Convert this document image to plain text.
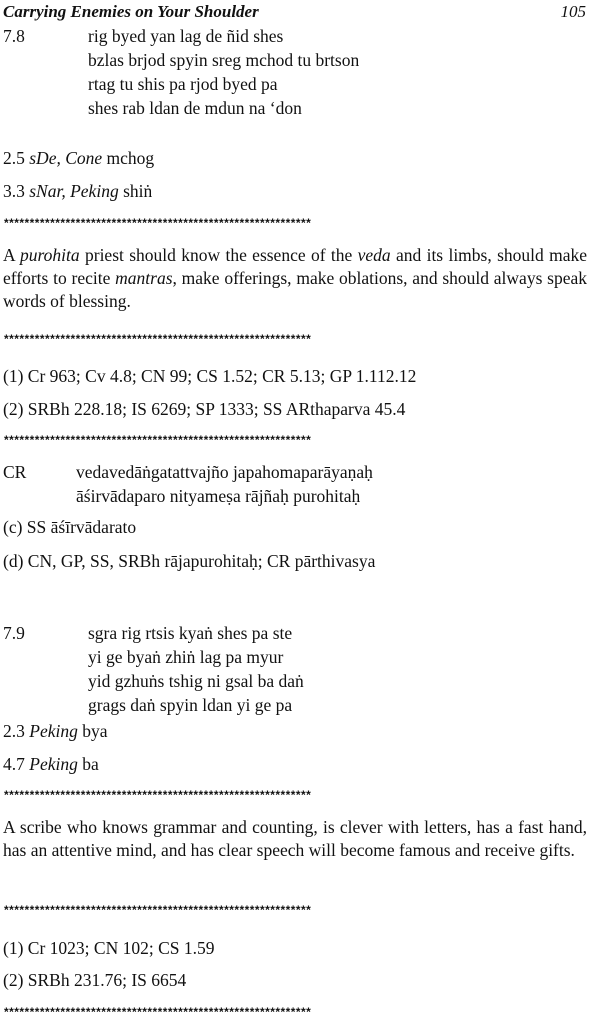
Carrying Enemies on Your Shoulder	105
7.8	rig byed yan lag de ñid shes
bzlas brjod spyin sreg mchod tu brtson
rtag tu shis pa rjod byed pa
shes rab ldan de mdun na ‘don
2.5 sDe, Cone mchog
3.3 sNar, Peking shiṅ
************************************************************
A purohita priest should know the essence of the veda and its limbs, should make efforts to recite mantras, make offerings, make oblations, and should always speak words of blessing.
************************************************************
(1) Cr 963; Cv 4.8; CN 99; CS 1.52; CR 5.13; GP 1.112.12
(2) SRBh 228.18; IS 6269; SP 1333; SS ARthaparva 45.4
************************************************************
CR	vedavedāṅgatattvajño japahomaparāyaṇaḥ
āśirvādaparo nityameṣa rājñaḥ purohitaḥ
(c) SS āśīrvādarato
(d) CN, GP, SS, SRBh rājapurohitaḥ; CR pārthivasya
7.9	sgra rig rtsis kyaṅ shes pa ste
yi ge byaṅ zhiṅ lag pa myur
yid gzhuṅs tshig ni gsal ba daṅ
grags daṅ spyin ldan yi ge pa
2.3 Peking bya
4.7 Peking ba
************************************************************
A scribe who knows grammar and counting, is clever with letters, has a fast hand, has an attentive mind, and has clear speech will become famous and receive gifts.
************************************************************
(1) Cr 1023; CN 102; CS 1.59
(2) SRBh 231.76; IS 6654
************************************************************
